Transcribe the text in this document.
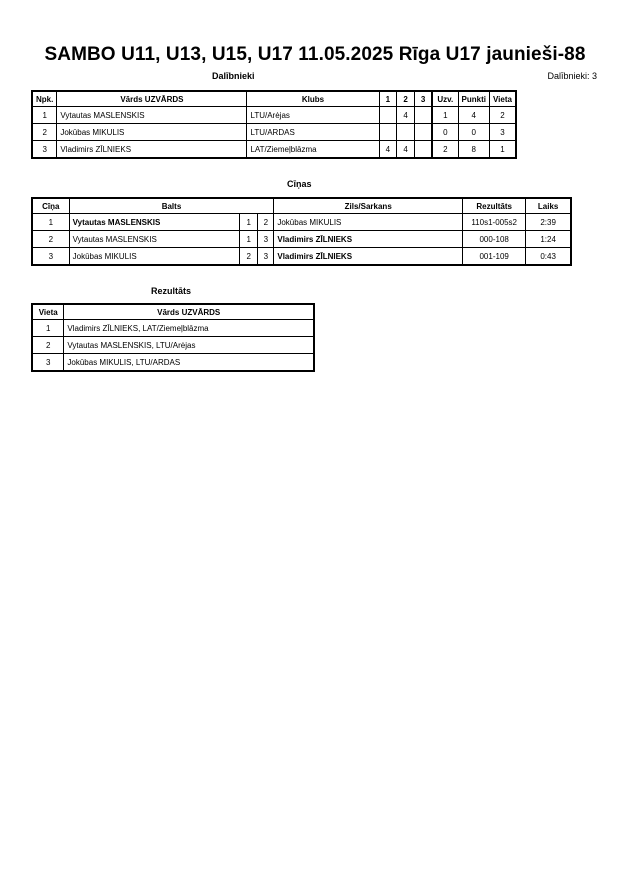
SAMBO U11, U13, U15, U17 11.05.2025 Rīga U17 jaunieši-88
Dalībnieki	Dalībnieki: 3
Npk.	Vārds UZVĀRDS	Klubs	1	2	3	Uzv.	Punkti	Vieta
1	Vytautas MASLENSKIS	LTU/Arėjas		4		1	4	2
2	Jokūbas MIKULIS	LTU/ARDAS				0	0	3
3	Vladimirs ZĪLNIEKS	LAT/Ziemeļblāzma	4	4		2	8	1
Cīņas
Cīņa	Balts			Zils/Sarkans	Rezultāts	Laiks
1	Vytautas MASLENSKIS	1	2	Jokūbas MIKULIS	110s1-005s2	2:39
2	Vytautas MASLENSKIS	1	3	Vladimirs ZĪLNIEKS	000-108	1:24
3	Jokūbas MIKULIS	2	3	Vladimirs ZĪLNIEKS	001-109	0:43
Rezultāts
Vieta	Vārds UZVĀRDS
1	Vladimirs ZĪLNIEKS, LAT/Ziemeļblāzma
2	Vytautas MASLENSKIS, LTU/Arėjas
3	Jokūbas MIKULIS, LTU/ARDAS
